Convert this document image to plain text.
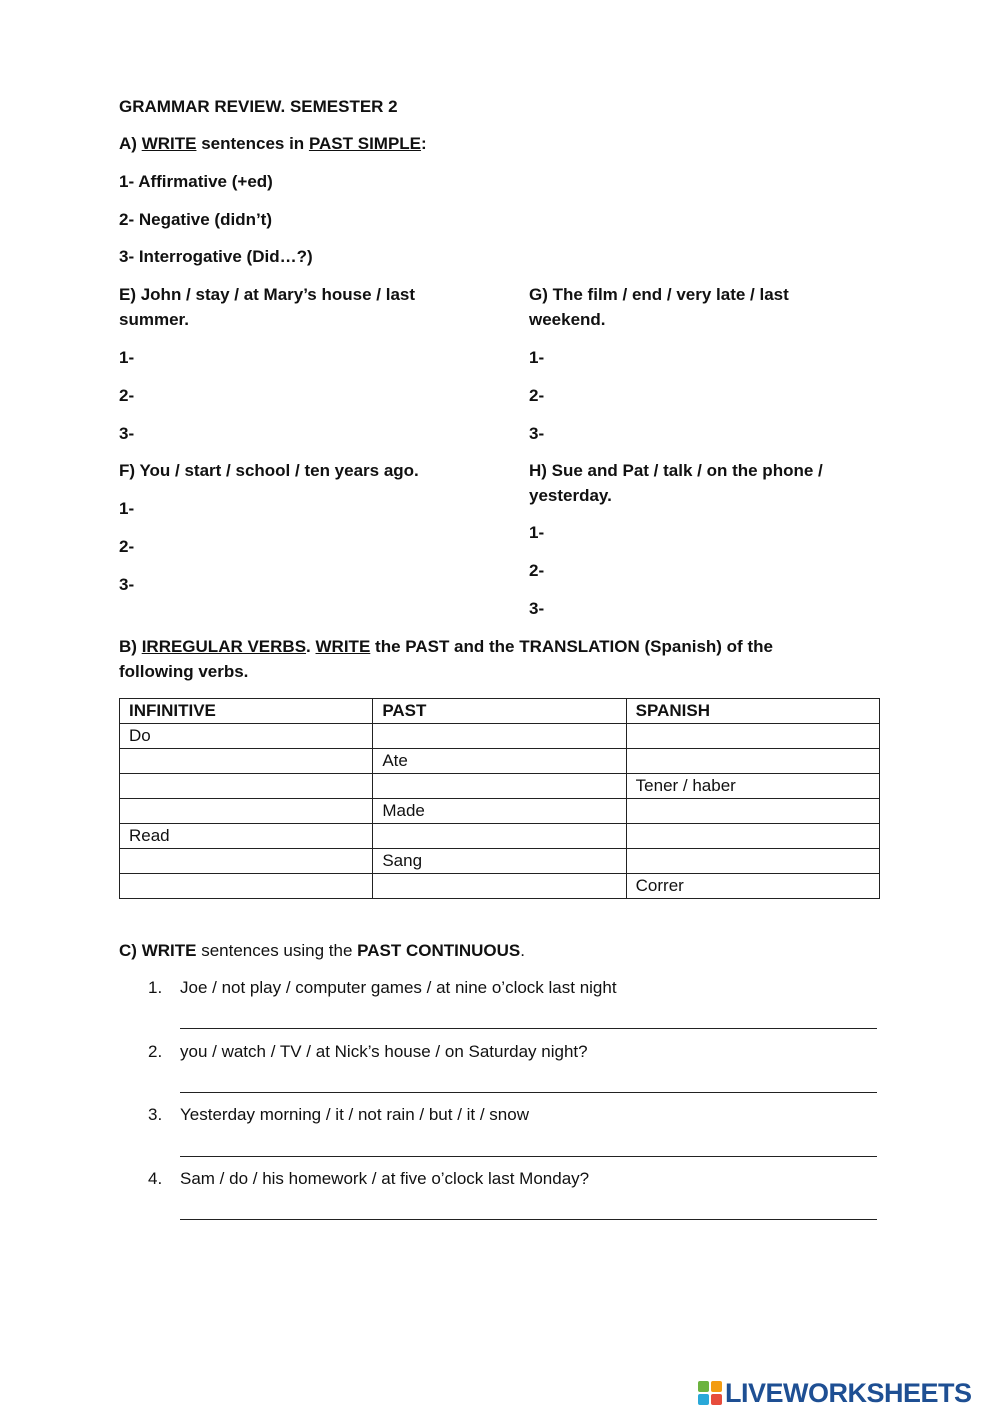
GRAMMAR REVIEW. SEMESTER 2
A) WRITE sentences in PAST SIMPLE:
1- Affirmative (+ed)
2- Negative (didn’t)
3- Interrogative (Did…?)
E) John / stay / at Mary’s house / last
summer.
1-
2-
3-
F) You / start / school / ten years ago.
1-
2-
3-
G) The film / end / very late / last
weekend.
1-
2-
3-
H) Sue and Pat / talk / on the phone /
yesterday.
1-
2-
3-
B) IRREGULAR VERBS. WRITE the PAST and the TRANSLATION (Spanish) of the
following verbs.
INFINITIVE	PAST	SPANISH
Do		
	Ate	
		Tener / haber
	Made	
Read		
	Sang	
		Correr
C) WRITE sentences using the PAST CONTINUOUS.
1. Joe / not play / computer games / at nine o’clock last night
2. you / watch / TV / at Nick’s house / on Saturday night?
3. Yesterday morning / it / not rain / but / it / snow
4. Sam / do / his homework / at five o’clock last Monday?
LIVEWORKSHEETS
